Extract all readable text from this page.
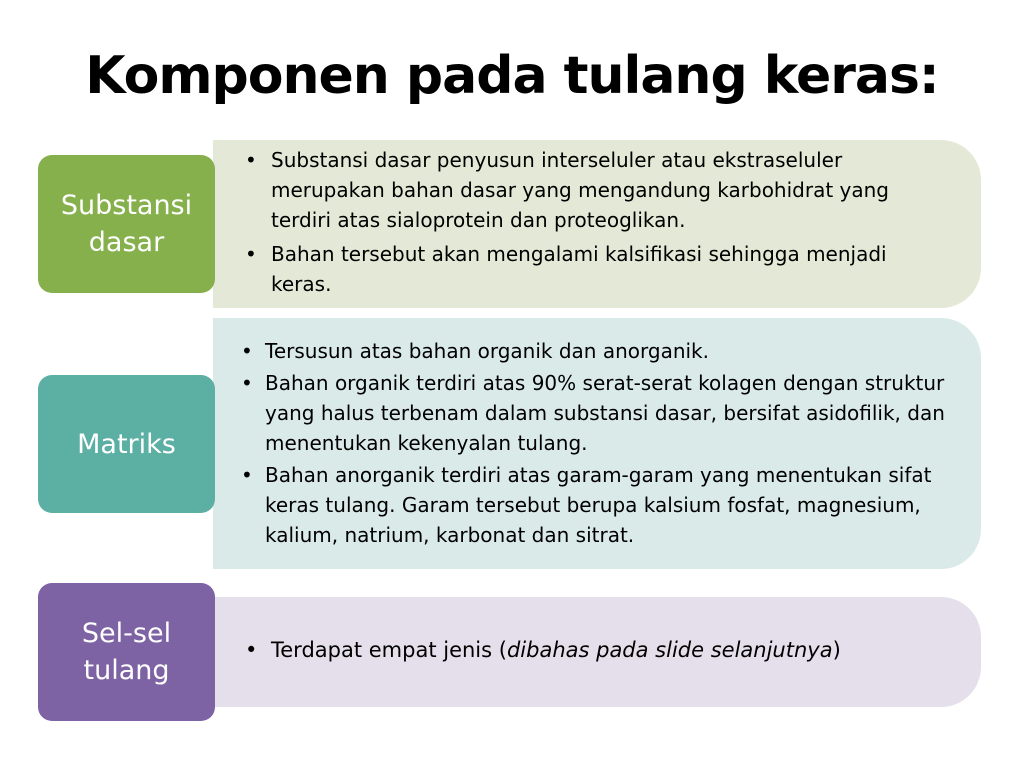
Komponen pada tulang keras:
• Substansi dasar penyusun interseluler atau ekstraseluler merupakan bahan dasar yang mengandung karbohidrat yang terdiri atas sialoprotein dan proteoglikan.
• Bahan tersebut akan mengalami kalsifikasi sehingga menjadi keras.
Substansi
dasar
• Tersusun atas bahan organik dan anorganik.
• Bahan organik terdiri atas 90% serat-serat kolagen dengan struktur yang halus terbenam dalam substansi dasar, bersifat asidofilik, dan menentukan kekenyalan tulang.
• Bahan anorganik terdiri atas garam-garam yang menentukan sifat keras tulang. Garam tersebut berupa kalsium fosfat, magnesium, kalium, natrium, karbonat dan sitrat.
Matriks
• Terdapat empat jenis (dibahas pada slide selanjutnya)
Sel-sel
tulang
